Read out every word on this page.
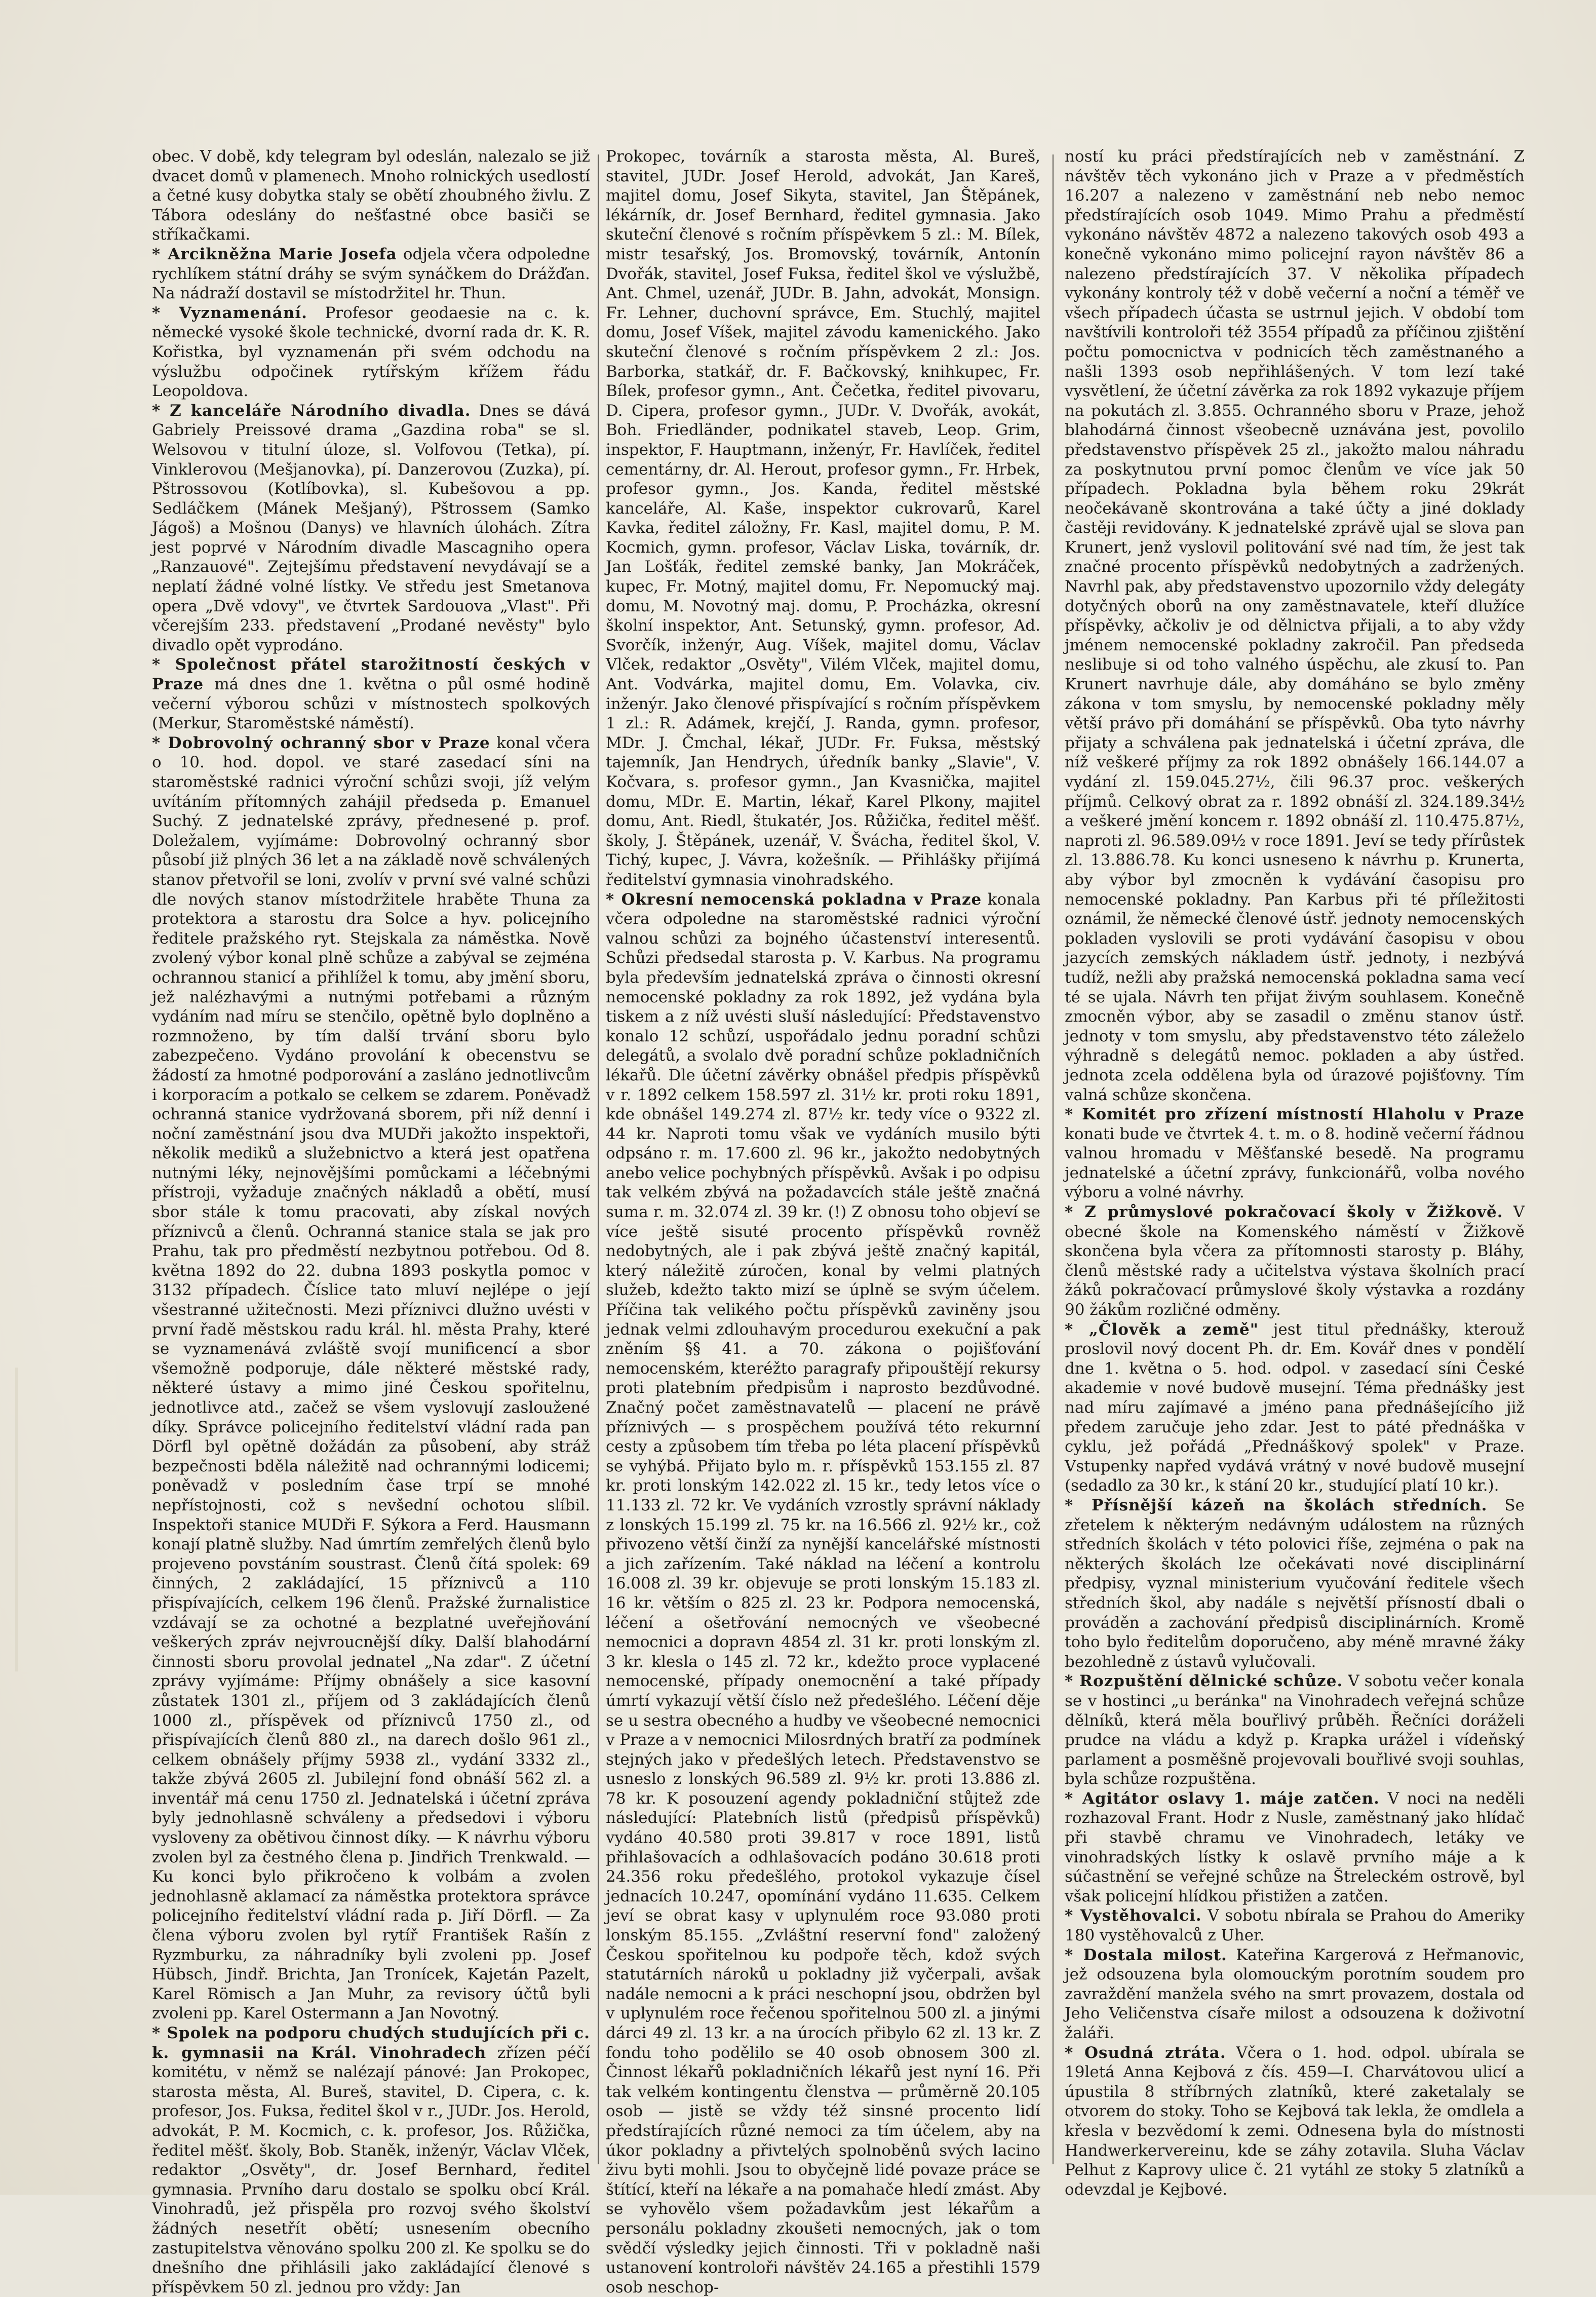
obec. V době, kdy telegram byl odeslán, nalezalo se již dvacet domů v plamenech. Mnoho rolnických usedlostí a četné kusy dobytka staly se obětí zhoubného živlu. Z Tábora odeslány do nešťastné obce basiči se stříkačkami.

* Arcikněžna Marie Josefa odjela včera odpoledne rychlíkem státní dráhy se svým synáčkem do Drážďan. Na nádraží dostavil se místodržitel hr. Thun.

* Vyznamenání. Profesor geodaesie na c. k. německé vysoké škole technické, dvorní rada dr. K. R. Kořistka, byl vyznamenán při svém odchodu na výslužbu odpočinek rytířským křížem řádu Leopoldova.

* Z kanceláře Národního divadla. Dnes se dává Gabriely Preissové drama „Gazdina roba" se sl. Welsovou v titulní úloze, sl. Volfovou (Tetka), pí. Vinklerovou (Mešjanovka), pí. Danzerovou (Zuzka), pí. Pštrossovou (Kotlíbovka), sl. Kubešovou a pp. Sedláčkem (Mánek Mešjaný), Pštrossem (Samko Jágoš) a Mošnou (Danys) ve hlavních úlohách. Zítra jest poprvé v Národním divadle Mascagniho opera „Ranzauové". Zejtejšímu představení nevydávají se a neplatí žádné volné lístky. Ve středu jest Smetanova opera „Dvě vdovy", ve čtvrtek Sardouova „Vlast". Při včerejším 233. představení „Prodané nevěsty" bylo divadlo opět vyprodáno.

* Společnost přátel starožitností českých v Praze má dnes dne 1. května o půl osmé hodině večerní výborou schůzi v místnostech spolkových (Merkur, Staroměstské náměstí).

* Dobrovolný ochranný sbor v Praze konal včera o 10. hod. dopol. ve staré zasedací síni na staroměstské radnici výroční schůzi svoji, jíž velým uvítáním přítomných zahájil předseda p. Emanuel Suchý. Z jednatelské zprávy, přednesené p. prof. Doležalem, vyjímáme: Dobrovolný ochranný sbor působí již plných 36 let a na základě nově schválených stanov přetvořil se loni, zvolív v první své valné schůzi dle nových stanov místodržitele hraběte Thuna za protektora a starostu dra Solce a hyv. policejního ředitele pražského ryt. Stejskala za náměstka. Nově zvolený výbor konal plně schůze a zabýval se zejména ochrannou stanicí a přihlížel k tomu, aby jmění sboru, jež nalézhavými a nutnými potřebami a různým vydáním nad míru se stenčilo, opětně bylo doplněno a rozmnoženo, by tím další trvání sboru bylo zabezpečeno. Vydáno provolání k obecenstvu se žádostí za hmotné podporování a zasláno jednotlivcům i korporacím a potkalo se celkem se zdarem. Poněvadž ochranná stanice vydržovaná sborem, při níž denní i noční zaměstnání jsou dva MUDři jakožto inspektoři, několik mediků a služebnictvo a která jest opatřena nutnými léky, nejnovějšími pomůckami a léčebnými přístroji, vyžaduje značných nákladů a obětí, musí sbor stále k tomu pracovati, aby získal nových příznivců a členů. Ochranná stanice stala se jak pro Prahu, tak pro předměstí nezbytnou potřebou. Od 8. května 1892 do 22. dubna 1893 poskytla pomoc v 3132 případech. Číslice tato mluví nejlépe o její všestranné užitečnosti. Mezi příznivci dlužno uvésti v první řadě městskou radu král. hl. města Prahy, které se vyznamenává zvláště svojí munificencí a sbor všemožně podporuje, dále některé městské rady, některé ústavy a mimo jiné Českou spořitelnu, jednotlivce atd., začež se všem vyslovují zasloužené díky. Správce policejního ředitelství vládní rada pan Dörfl byl opětně dožádán za působení, aby stráž bezpečnosti bděla náležitě nad ochrannými lodicemi; poněvadž v posledním čase trpí se mnohé nepřístojnosti, což s nevšední ochotou slíbil. Inspektoři stanice MUDři F. Sýkora a Ferd. Hausmann konají platně služby. Nad úmrtím zemřelých členů bylo projeveno povstáním soustrast. Členů čítá spolek: 69 činných, 2 zakládající, 15 příznivců a 110 přispívajících, celkem 196 členů. Pražské žurnalistice vzdávají se za ochotné a bezplatné uveřejňování veškerých zpráv nejvroucnější díky. Další blahodární činnosti sboru provolal jednatel „Na zdar". Z účetní zprávy vyjímáme: Příjmy obnášely a sice kasovní zůstatek 1301 zl., příjem od 3 zakládajících členů 1000 zl., příspěvek od příznivců 1750 zl., od přispívajících členů 880 zl., na darech došlo 961 zl., celkem obnášely příjmy 5938 zl., vydání 3332 zl., takže zbývá 2605 zl. Jubilejní fond obnáší 562 zl. a inventář má cenu 1750 zl. Jednatelská i účetní zpráva byly jednohlasně schváleny a předsedovi i výboru vysloveny za obětivou činnost díky. — K návrhu výboru zvolen byl za čestného člena p. Jindřich Trenkwald. — Ku konci bylo přikročeno k volbám a zvolen jednohlasně aklamací za náměstka protektora správce policejního ředitelství vládní rada p. Jiří Dörfl. — Za člena výboru zvolen byl rytíř František Rašín z Ryzmburku, za náhradníky byli zvoleni pp. Josef Hübsch, Jindř. Brichta, Jan Tronícek, Kajetán Pazelt, Karel Römisch a Jan Muhr, za revisory účtů byli zvoleni pp. Karel Ostermann a Jan Novotný.

* Spolek na podporu chudých studujících při c. k. gymnasii na Král. Vinohradech zřízen péčí komitétu, v němž se nalézají pánové: Jan Prokopec, starosta města, Al. Bureš, stavitel, D. Cipera, c. k. profesor, Jos. Fuksa, ředitel škol v r., JUDr. Jos. Herold, advokát, P. M. Kocmich, c. k. profesor, Jos. Růžička, ředitel měšť. školy, Bob. Staněk, inženýr, Václav Vlček, redaktor „Osvěty", dr. Josef Bernhard, ředitel gymnasia. Prvního daru dostalo se spolku obcí Král. Vinohradů, jež přispěla pro rozvoj svého školství žádných nesetřít obětí; usnesením obecního zastupitelstva věnováno spolku 200 zl. Ke spolku se do dnešního dne přihlásili jako zakládající členové s příspěvkem 50 zl. jednou pro vždy: Jan

Prokopec, továrník a starosta města, Al. Bureš, stavitel, JUDr. Josef Herold, advokát, Jan Kareš, majitel domu, Josef Sikyta, stavitel, Jan Štěpánek, lékárník, dr. Josef Bernhard, ředitel gymnasia. Jako skuteční členové s ročním příspěvkem 5 zl.: M. Bílek, mistr tesařský, Jos. Bromovský, továrník, Antonín Dvořák, stavitel, Josef Fuksa, ředitel škol ve výslužbě, Ant. Chmel, uzenář, JUDr. B. Jahn, advokát, Monsign. Fr. Lehner, duchovní správce, Em. Stuchlý, majitel domu, Josef Víšek, majitel závodu kamenického. Jako skuteční členové s ročním příspěvkem 2 zl.: Jos. Barborka, statkář, dr. F. Bačkovský, knihkupec, Fr. Bílek, profesor gymn., Ant. Čečetka, ředitel pivovaru, D. Cipera, profesor gymn., JUDr. V. Dvořák, avokát, Boh. Friedländer, podnikatel staveb, Leop. Grim, inspektor, F. Hauptmann, inženýr, Fr. Havlíček, ředitel cementárny, dr. Al. Herout, profesor gymn., Fr. Hrbek, profesor gymn., Jos. Kanda, ředitel městské kanceláře, Al. Kaše, inspektor cukrovarů, Karel Kavka, ředitel záložny, Fr. Kasl, majitel domu, P. M. Kocmich, gymn. profesor, Václav Liska, továrník, dr. Jan Lošťák, ředitel zemské banky, Jan Mokráček, kupec, Fr. Motný, majitel domu, Fr. Nepomucký maj. domu, M. Novotný maj. domu, P. Procházka, okresní školní inspektor, Ant. Setunský, gymn. profesor, Ad. Svorčík, inženýr, Aug. Víšek, majitel domu, Václav Vlček, redaktor „Osvěty", Vilém Vlček, majitel domu, Ant. Vodvárka, majitel domu, Em. Volavka, civ. inženýr. Jako členové přispívající s ročním příspěvkem 1 zl.: R. Adámek, krejčí, J. Randa, gymn. profesor, MDr. J. Čmchal, lékař, JUDr. Fr. Fuksa, městský tajemník, Jan Hendrych, úředník banky „Slavie", V. Kočvara, s. profesor gymn., Jan Kvasnička, majitel domu, MDr. E. Martin, lékař, Karel Plkony, majitel domu, Ant. Riedl, štukatér, Jos. Růžička, ředitel měšť. školy, J. Štěpánek, uzenář, V. Švácha, ředitel škol, V. Tichý, kupec, J. Vávra, kožešník. — Přihlášky přijímá ředitelství gymnasia vinohradského.

* Okresní nemocenská pokladna v Praze konala včera odpoledne na staroměstské radnici výroční valnou schůzi za bojného účastenství interesentů. Schůzi předsedal starosta p. V. Karbus. Na programu byla především jednatelská zpráva o činnosti okresní nemocenské pokladny za rok 1892, jež vydána byla tiskem a z níž uvésti sluší následující: Představenstvo konalo 12 schůzí, uspořádalo jednu poradní schůzi delegátů, a svolalo dvě poradní schůze pokladničních lékařů. Dle účetní závěrky obnášel předpis příspěvků v r. 1892 celkem 158.597 zl. 31½ kr. proti roku 1891, kde obnášel 149.274 zl. 87½ kr. tedy více o 9322 zl. 44 kr. Naproti tomu však ve vydáních musilo býti odpsáno r. m. 17.600 zl. 96 kr., jakožto nedobytných anebo velice pochybných příspěvků. Avšak i po odpisu tak velkém zbývá na požadavcích stále ještě značná suma r. m. 32.074 zl. 39 kr. (!) Z obnosu toho objeví se více ještě sisuté procento příspěvků rovněž nedobytných, ale i pak zbývá ještě značný kapitál, který náležitě zúročen, konal by velmi platných služeb, kdežto takto mizí se úplně se svým účelem. Příčina tak velikého počtu příspěvků zaviněny jsou jednak velmi zdlouhavým procedurou exekuční a pak zněním §§ 41. a 70. zákona o pojišťování nemocenském, kteréžto paragrafy připouštějí rekursy proti platebním předpisům i naprosto bezdůvodné. Značný počet zaměstnavatelů — placení ne právě příznivých — s prospěchem používá této rekurnní cesty a způsobem tím třeba po léta placení příspěvků se vyhýbá. Přijato bylo m. r. příspěvků 153.155 zl. 87 kr. proti lonským 142.022 zl. 15 kr., tedy letos více o 11.133 zl. 72 kr. Ve vydáních vzrostly správní náklady z lonských 15.199 zl. 75 kr. na 16.566 zl. 92½ kr., což přivozeno větší činží za nynější kancelářské místnosti a jich zařízením. Také náklad na léčení a kontrolu 16.008 zl. 39 kr. objevuje se proti lonským 15.183 zl. 16 kr. větším o 825 zl. 23 kr. Podpora nemocenská, léčení a ošetřování nemocných ve všeobecné nemocnici a dopravn 4854 zl. 31 kr. proti lonským zl. 3 kr. klesla o 145 zl. 72 kr., kdežto proce vyplacené nemocenské, případy onemocnění a také případy úmrtí vykazují větší číslo než předešlého. Léčení děje se u sestra obecného a hudby ve všeobecné nemocnici v Praze a v nemocnici Milosrdných bratří za podmínek stejných jako v předešlých letech. Představenstvo se usneslo z lonských 96.589 zl. 9½ kr. proti 13.886 zl. 78 kr. K posouzení agendy pokladniční stůjtež zde následující: Platebních listů (předpisů příspěvků) vydáno 40.580 proti 39.817 v roce 1891, listů přihlašovacích a odhlašovacích podáno 30.618 proti 24.356 roku předešlého, protokol vykazuje čísel jednacích 10.247, opomínání vydáno 11.635. Celkem jeví se obrat kasy v uplynulém roce 93.080 proti lonským 85.155. „Zvláštní reservní fond" založený Českou spořitelnou ku podpoře těch, kdož svých statutárních nároků u pokladny již vyčerpali, avšak nadále nemocni a k práci neschopní jsou, obdržen byl v uplynulém roce řečenou spořitelnou 500 zl. a jinými dárci 49 zl. 13 kr. a na úrocích přibylo 62 zl. 13 kr. Z fondu toho podělilo se 40 osob obnosem 300 zl. Činnost lékařů pokladničních lékařů jest nyní 16. Při tak velkém kontingentu členstva — průměrně 20.105 osob — jistě se vždy též sinsné procento lidí předstírajících různé nemoci za tím účelem, aby na úkor pokladny a přivtelých spolnoběnů svých lacino živu byti mohli. Jsou to obyčejně lidé povaze práce se štítící, kteří na lékaře a na pomahače hledí zmást. Aby se vyhovělo všem požadavkům jest lékařům a personálu pokladny zkoušeti nemocných, jak o tom svědčí výsledky jejich činnosti. Tři v pokladně naši ustanovení kontroloři návštěv 24.165 a přestihli 1579 osob neschop-

ností ku práci předstírajících neb v zaměstnání. Z návštěv těch vykonáno jich v Praze a v předměstích 16.207 a nalezeno v zaměstnání neb nebo nemoc předstírajících osob 1049. Mimo Prahu a předměstí vykonáno návštěv 4872 a nalezeno takových osob 493 a konečně vykonáno mimo policejní rayon návštěv 86 a nalezeno předstírajících 37. V několika případech vykonány kontroly též v době večerní a noční a téměř ve všech případech účasta se ustrnul jejich. V období tom navštívili kontroloři též 3554 případů za příčinou zjištění počtu pomocnictva v podnicích těch zaměstnaného a našli 1393 osob nepřihlášených. V tom lezí také vysvětlení, že účetní závěrka za rok 1892 vykazuje příjem na pokutách zl. 3.855. Ochranného sboru v Praze, jehož blahodárná činnost všeobecně uznávána jest, povolilo představenstvo příspěvek 25 zl., jakožto malou náhradu za poskytnutou první pomoc členům ve více jak 50 případech. Pokladna byla během roku 29krát neočekávaně skontrována a také účty a jiné doklady častěji revidovány. K jednatelské zprávě ujal se slova pan Krunert, jenž vyslovil politování své nad tím, že jest tak značné procento příspěvků nedobytných a zadržených. Navrhl pak, aby představenstvo upozornilo vždy delegáty dotyčných oborů na ony zaměstnavatele, kteří dlužíce příspěvky, ačkoliv je od dělnictva přijali, a to aby vždy jménem nemocenské pokladny zakročil. Pan předseda neslibuje si od toho valného úspěchu, ale zkusí to. Pan Krunert navrhuje dále, aby domáháno se bylo změny zákona v tom smyslu, by nemocenské pokladny měly větší právo při domáhání se příspěvků. Oba tyto návrhy přijaty a schválena pak jednatelská i účetní zpráva, dle níž veškeré příjmy za rok 1892 obnášely 166.144.07 a vydání zl. 159.045.27½, čili 96.37 proc. veškerých příjmů. Celkový obrat za r. 1892 obnáší zl. 324.189.34½ a veškeré jmění koncem r. 1892 obnáší zl. 110.475.87½, naproti zl. 96.589.09½ v roce 1891. Jeví se tedy přírůstek zl. 13.886.78. Ku konci usneseno k návrhu p. Krunerta, aby výbor byl zmocněn k vydávání časopisu pro nemocenské pokladny. Pan Karbus při té příležitosti oznámil, že německé členové ústř. jednoty nemocenských pokladen vyslovili se proti vydávání časopisu v obou jazycích zemských nákladem ústř. jednoty, i nezbývá tudíž, nežli aby pražská nemocenská pokladna sama vecí té se ujala. Návrh ten přijat živým souhlasem. Konečně zmocněn výbor, aby se zasadil o změnu stanov ústř. jednoty v tom smyslu, aby představenstvo této záleželo výhradně s delegátů nemoc. pokladen a aby ústřed. jednota zcela oddělena byla od úrazové pojišťovny. Tím valná schůze skončena.

* Komitét pro zřízení místností Hlaholu v Praze konati bude ve čtvrtek 4. t. m. o 8. hodině večerní řádnou valnou hromadu v Měšťanské besedě. Na programu jednatelské a účetní zprávy, funkcionářů, volba nového výboru a volné návrhy.

* Z průmyslové pokračovací školy v Žižkově. V obecné škole na Komenského náměstí v Žižkově skončena byla včera za přítomnosti starosty p. Bláhy, členů městské rady a učitelstva výstava školních prací žáků pokračovací průmyslové školy výstavka a rozdány 90 žákům rozličné odměny.

* „Člověk a země" jest titul přednášky, kterouž proslovil nový docent Ph. dr. Em. Kovář dnes v pondělí dne 1. května o 5. hod. odpol. v zasedací síni České akademie v nové budově musejní. Téma přednášky jest nad míru zajímavé a jméno pana přednášejícího již předem zaručuje jeho zdar. Jest to páté přednáška v cyklu, jež pořádá „Přednáškový spolek" v Praze. Vstupenky napřed vydává vrátný v nové budově musejní (sedadlo za 30 kr., k stání 20 kr., studující platí 10 kr.).

* Přísnější kázeň na školách středních. Se zřetelem k některým nedávným událostem na různých středních školách v této polovici říše, zejména o pak na některých školách lze očekávati nové disciplinární předpisy, vyznal ministerium vyučování ředitele všech středních škol, aby nadále s největší přísností dbali o prováděn a zachování předpisů disciplinárních. Kromě toho bylo ředitelům doporučeno, aby méně mravné žáky bezohledně z ústavů vylučovali.

* Rozpuštění dělnické schůze. V sobotu večer konala se v hostinci „u beránka" na Vinohradech veřejná schůze dělníků, která měla bouřlivý průběh. Řečníci doráželi prudce na vládu a když p. Krapka urážel i vídeňský parlament a posměšně projevovali bouřlivé svoji souhlas, byla schůze rozpuštěna.

* Agitátor oslavy 1. máje zatčen. V noci na neděli rozhazoval Frant. Hodr z Nusle, zaměstnaný jako hlídač při stavbě chramu ve Vinohradech, letáky ve vinohradských lístky k oslavě prvního máje a k súčastnění se veřejné schůze na Štreleckém ostrově, byl však policejní hlídkou přistižen a zatčen.

* Vystěhovalci. V sobotu nbírala se Prahou do Ameriky 180 vystěhovalců z Uher.

* Dostala milost. Kateřina Kargerová z Heřmanovic, jež odsouzena byla olomouckým porotním soudem pro zavraždění manžela svého na smrt provazem, dostala od Jeho Veličenstva císaře milost a odsouzena k doživotní žaláři.

* Osudná ztráta. Včera o 1. hod. odpol. ubírala se 19letá Anna Kejbová z čís. 459—I. Charvátovou ulicí a úpustila 8 stříbrných zlatníků, které zaketalaly se otvorem do stoky. Toho se Kejbová tak lekla, že omdlela a křesla v bezvědomí k zemi. Odnesena byla do místnosti Handwerkervereinu, kde se záhy zotavila. Sluha Václav Pelhut z Kaprovy ulice č. 21 vytáhl ze stoky 5 zlatníků a odevzdal je Kejbové.
